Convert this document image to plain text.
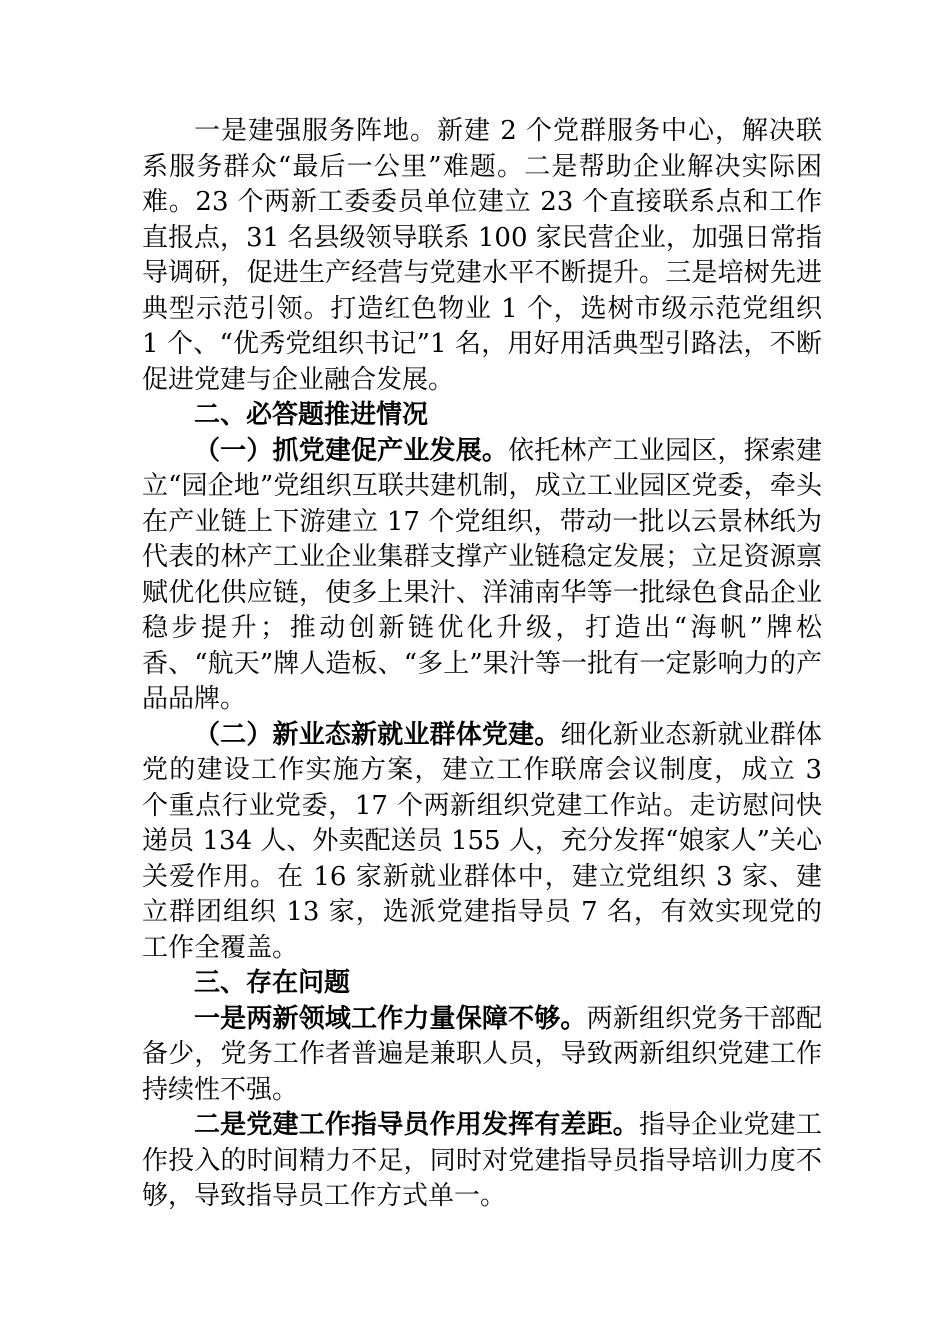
一是建强服务阵地。新建 2 个党群服务中心，解决联系服务群众“最后一公里”难题。二是帮助企业解决实际困难。23 个两新工委委员单位建立 23 个直接联系点和工作直报点，31 名县级领导联系 100 家民营企业，加强日常指导调研，促进生产经营与党建水平不断提升。三是培树先进典型示范引领。打造红色物业 1 个，选树市级示范党组织 1 个、“优秀党组织书记”1 名，用好用活典型引路法，不断促进党建与企业融合发展。

二、必答题推进情况

（一）抓党建促产业发展。依托林产工业园区，探索建立“园企地”党组织互联共建机制，成立工业园区党委，牵头在产业链上下游建立 17 个党组织，带动一批以云景林纸为代表的林产工业企业集群支撑产业链稳定发展；立足资源禀赋优化供应链，使多上果汁、洋浦南华等一批绿色食品企业稳步提升；推动创新链优化升级，打造出“海帆”牌松香、“航天”牌人造板、“多上”果汁等一批有一定影响力的产品品牌。

（二）新业态新就业群体党建。细化新业态新就业群体党的建设工作实施方案，建立工作联席会议制度，成立 3 个重点行业党委，17 个两新组织党建工作站。走访慰问快递员 134 人、外卖配送员 155 人，充分发挥“娘家人”关心关爱作用。在 16 家新就业群体中，建立党组织 3 家、建立群团组织 13 家，选派党建指导员 7 名，有效实现党的工作全覆盖。

三、存在问题

一是两新领域工作力量保障不够。两新组织党务干部配备少，党务工作者普遍是兼职人员，导致两新组织党建工作持续性不强。

二是党建工作指导员作用发挥有差距。指导企业党建工作投入的时间精力不足，同时对党建指导员指导培训力度不够，导致指导员工作方式单一。
